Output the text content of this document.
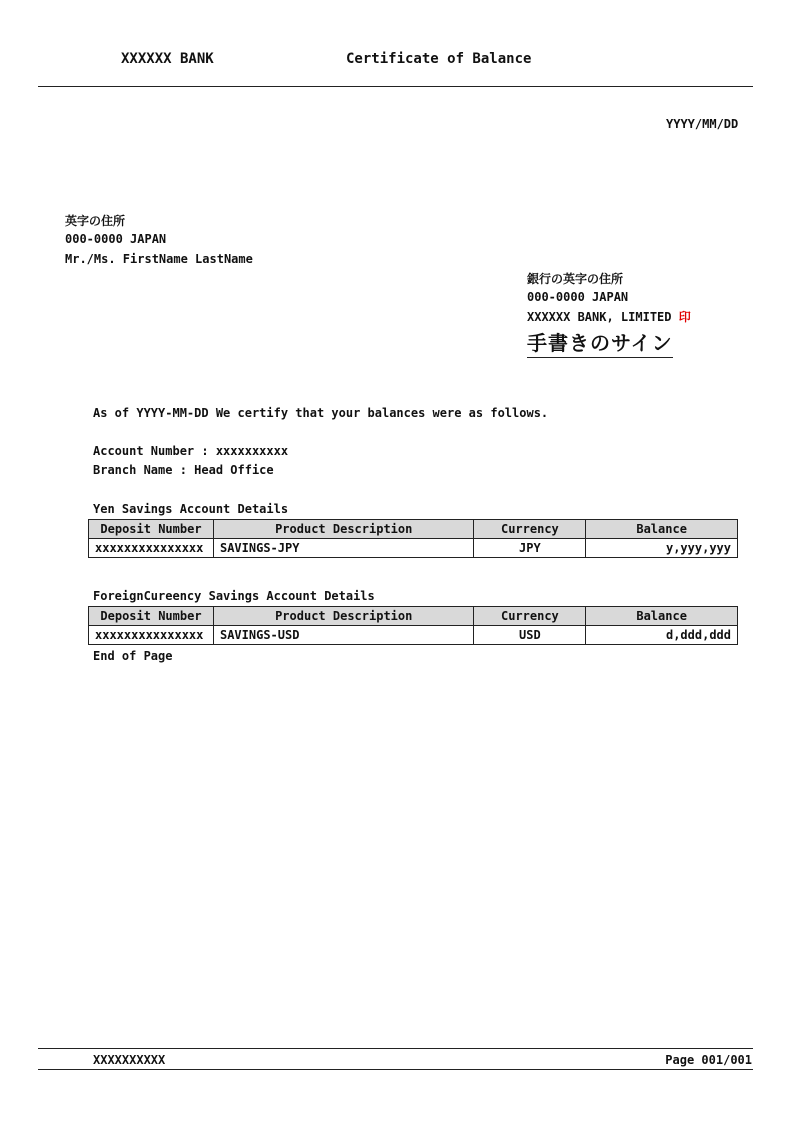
XXXXXX BANK	Certificate of Balance
YYYY/MM/DD
英字の住所
000-0000 JAPAN
Mr./Ms. FirstName LastName
銀行の英字の住所
000-0000 JAPAN
XXXXXX BANK, LIMITED 印
手書きのサイン
As of YYYY-MM-DD We certify that your balances were as follows.
Account Number : xxxxxxxxxx
Branch Name : Head Office
Yen Savings Account Details
Deposit Number	Product Description	Currency	Balance
xxxxxxxxxxxxxxx	SAVINGS-JPY	JPY	y,yyy,yyy
ForeignCureency Savings Account Details
Deposit Number	Product Description	Currency	Balance
xxxxxxxxxxxxxxx	SAVINGS-USD	USD	d,ddd,ddd
End of Page
XXXXXXXXXX	Page 001/001
